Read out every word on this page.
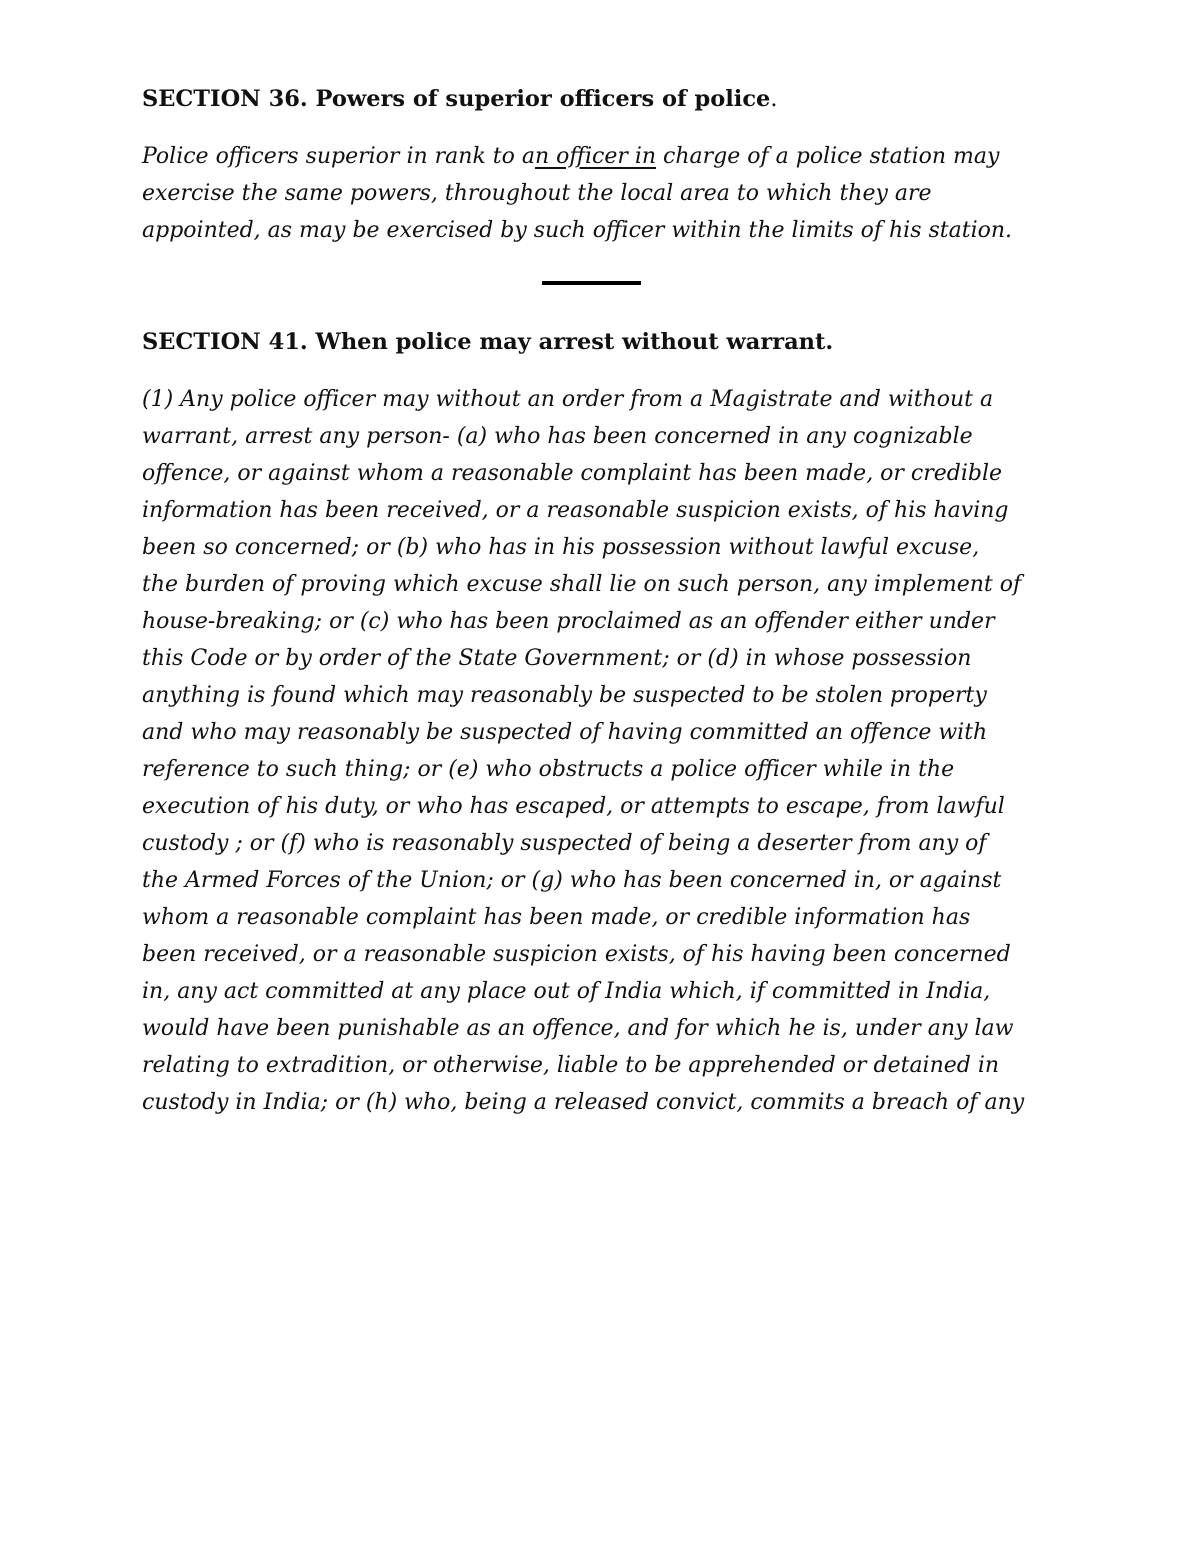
SECTION 36. Powers of superior officers of police.
Police officers superior in rank to an officer in charge of a police station may
exercise the same powers, throughout the local area to which they are
appointed, as may be exercised by such officer within the limits of his station.
SECTION 41. When police may arrest without warrant.
(1) Any police officer may without an order from a Magistrate and without a
warrant, arrest any person- (a) who has been concerned in any cognizable
offence, or against whom a reasonable complaint has been made, or credible
information has been received, or a reasonable suspicion exists, of his having
been so concerned; or (b) who has in his possession without lawful excuse,
the burden of proving which excuse shall lie on such person, any implement of
house-breaking; or (c) who has been proclaimed as an offender either under
this Code or by order of the State Government; or (d) in whose possession
anything is found which may reasonably be suspected to be stolen property
and who may reasonably be suspected of having committed an offence with
reference to such thing; or (e) who obstructs a police officer while in the
execution of his duty, or who has escaped, or attempts to escape, from lawful
custody ; or (f) who is reasonably suspected of being a deserter from any of
the Armed Forces of the Union; or (g) who has been concerned in, or against
whom a reasonable complaint has been made, or credible information has
been received, or a reasonable suspicion exists, of his having been concerned
in, any act committed at any place out of India which, if committed in India,
would have been punishable as an offence, and for which he is, under any law
relating to extradition, or otherwise, liable to be apprehended or detained in
custody in India; or (h) who, being a released convict, commits a breach of any
